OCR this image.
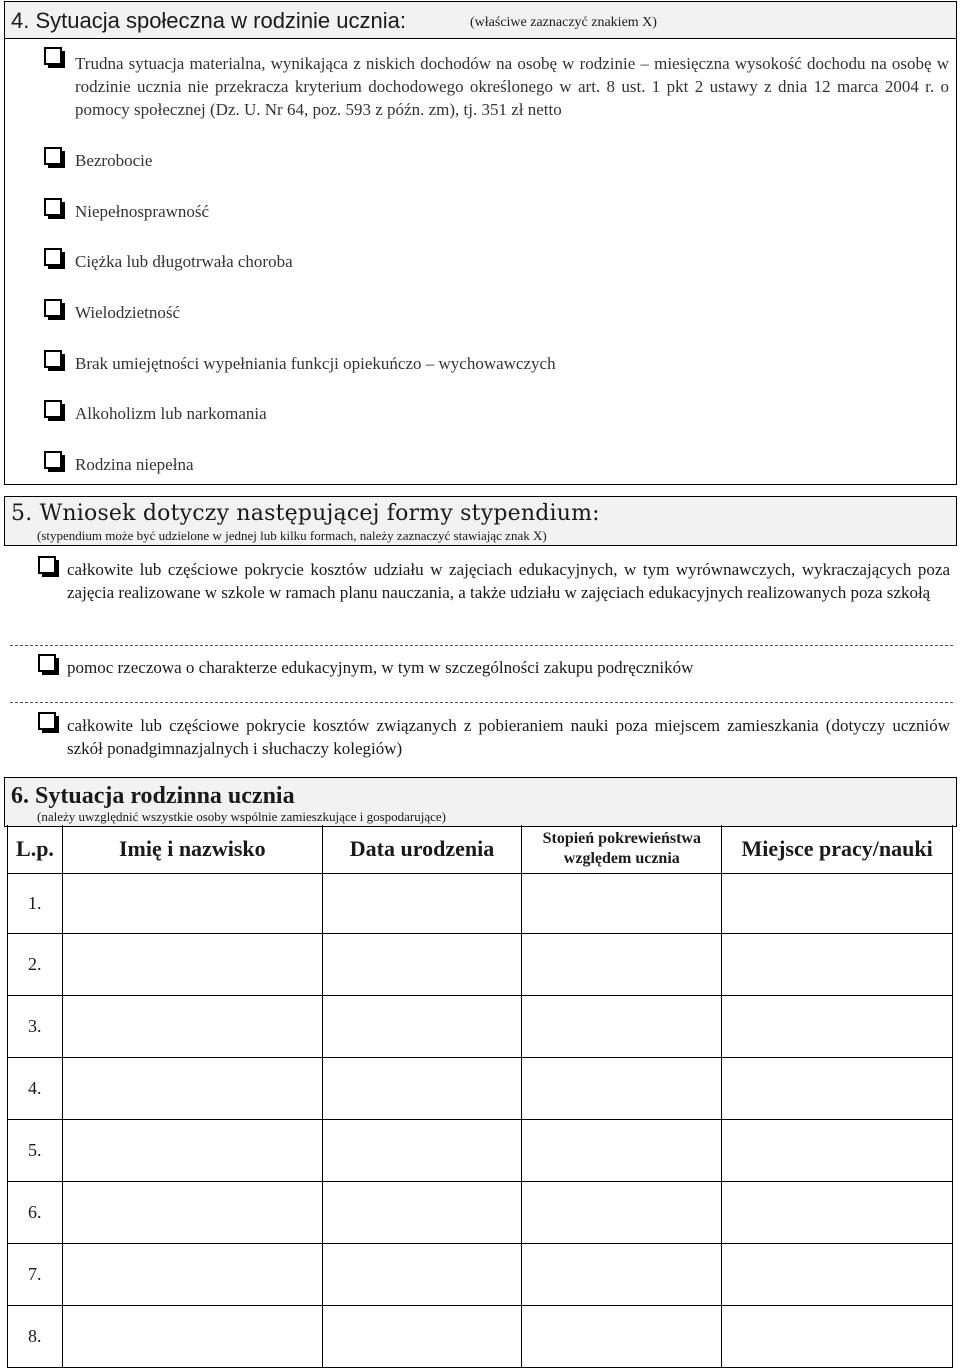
4. Sytuacja społeczna w rodzinie ucznia:	(właściwe zaznaczyć znakiem X)
Trudna sytuacja materialna, wynikająca z niskich dochodów na osobę w rodzinie – miesięczna wysokość dochodu na osobę w rodzinie ucznia nie przekracza kryterium dochodowego określonego w art. 8 ust. 1 pkt 2 ustawy z dnia 12 marca 2004 r. o pomocy społecznej (Dz. U. Nr 64, poz. 593 z późn. zm), tj. 351 zł netto
Bezrobocie
Niepełnosprawność
Ciężka lub długotrwała choroba
Wielodzietność
Brak umiejętności wypełniania funkcji opiekuńczo – wychowawczych
Alkoholizm lub narkomania
Rodzina niepełna
5. Wniosek dotyczy następującej formy stypendium:
(stypendium może być udzielone w jednej lub kilku formach, należy zaznaczyć stawiając znak X)
całkowite lub częściowe pokrycie kosztów udziału w zajęciach edukacyjnych, w tym wyrównawczych, wykraczających poza zajęcia realizowane w szkole w ramach planu nauczania, a także udziału w zajęciach edukacyjnych realizowanych poza szkołą
pomoc rzeczowa o charakterze edukacyjnym, w tym w szczególności zakupu podręczników
całkowite lub częściowe pokrycie kosztów związanych z pobieraniem nauki poza miejscem zamieszkania (dotyczy uczniów szkół ponadgimnazjalnych i słuchaczy kolegiów)
6. Sytuacja rodzinna ucznia
(należy uwzględnić wszystkie osoby wspólnie zamieszkujące i gospodarujące)
L.p.	Imię i nazwisko	Data urodzenia	Stopień pokrewieństwa względem ucznia	Miejsce pracy/nauki
1.				
2.				
3.				
4.				
5.				
6.				
7.				
8.				
